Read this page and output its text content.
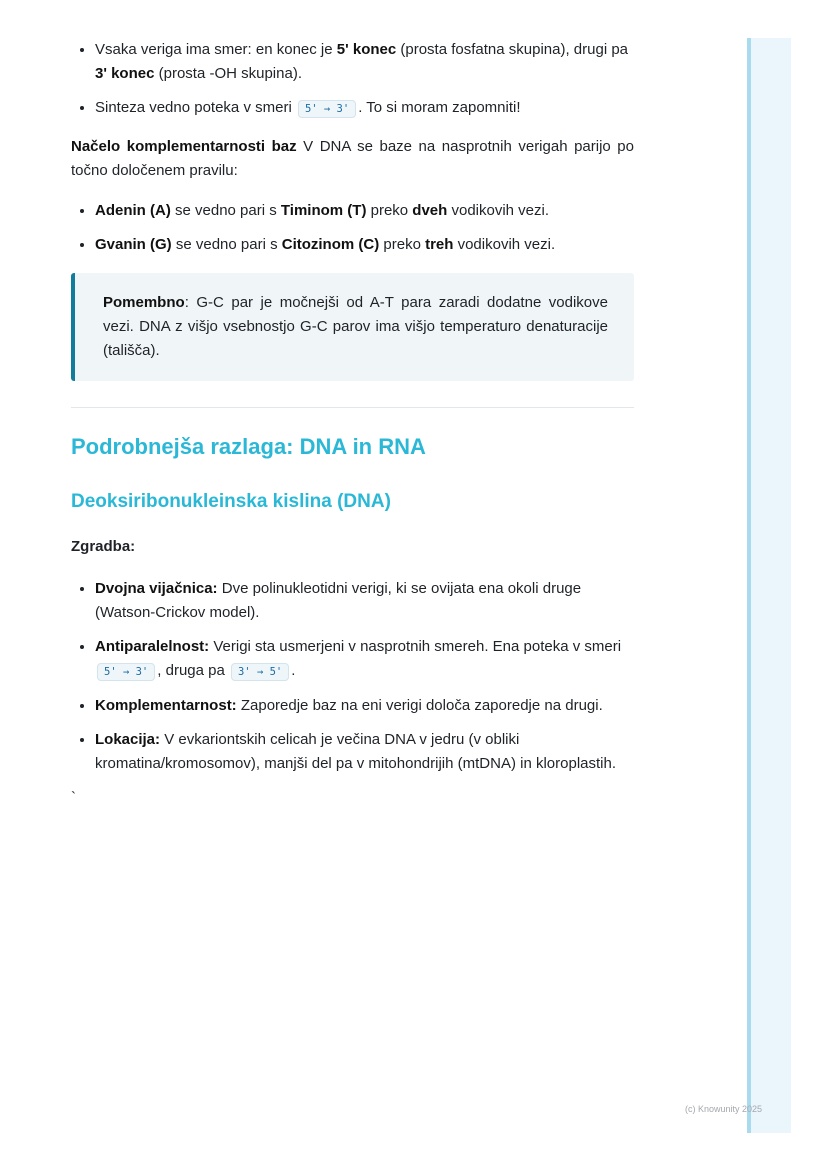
• Vsaka veriga ima smer: en konec je 5' konec (prosta fosfatna skupina), drugi pa 3' konec (prosta -OH skupina).
• Sinteza vedno poteka v smeri 5' → 3' . To si moram zapomniti!

Načelo komplementarnosti baz V DNA se baze na nasprotnih verigah parijo po točno določenem pravilu:

• Adenin (A) se vedno pari s Timinom (T) preko dveh vodikovih vezi.
• Gvanin (G) se vedno pari s Citozinom (C) preko treh vodikovih vezi.
Pomembno: G-C par je močnejši od A-T para zaradi dodatne vodikove vezi. DNA z višjo vsebnostjo G-C parov ima višjo temperaturo denaturacije (tališča).
Podrobnejša razlaga: DNA in RNA
Deoksiribonukleinska kislina (DNA)

Zgradba:

• Dvojna vijačnica: Dve polinukleotidni verigi, ki se ovijata ena okoli druge (Watson-Crickov model).
• Antiparalelnost: Verigi sta usmerjeni v nasprotnih smereh. Ena poteka v smeri 5' → 3' , druga pa 3' → 5' .
• Komplementarnost: Zaporedje baz na eni verigi določa zaporedje na drugi.
• Lokacija: V evkariontskih celicah je večina DNA v jedru (v obliki kromatina/kromosomov), manjši del pa v mitohondrijih (mtDNA) in kloroplastih.

`

(c) Knowunity 2025
